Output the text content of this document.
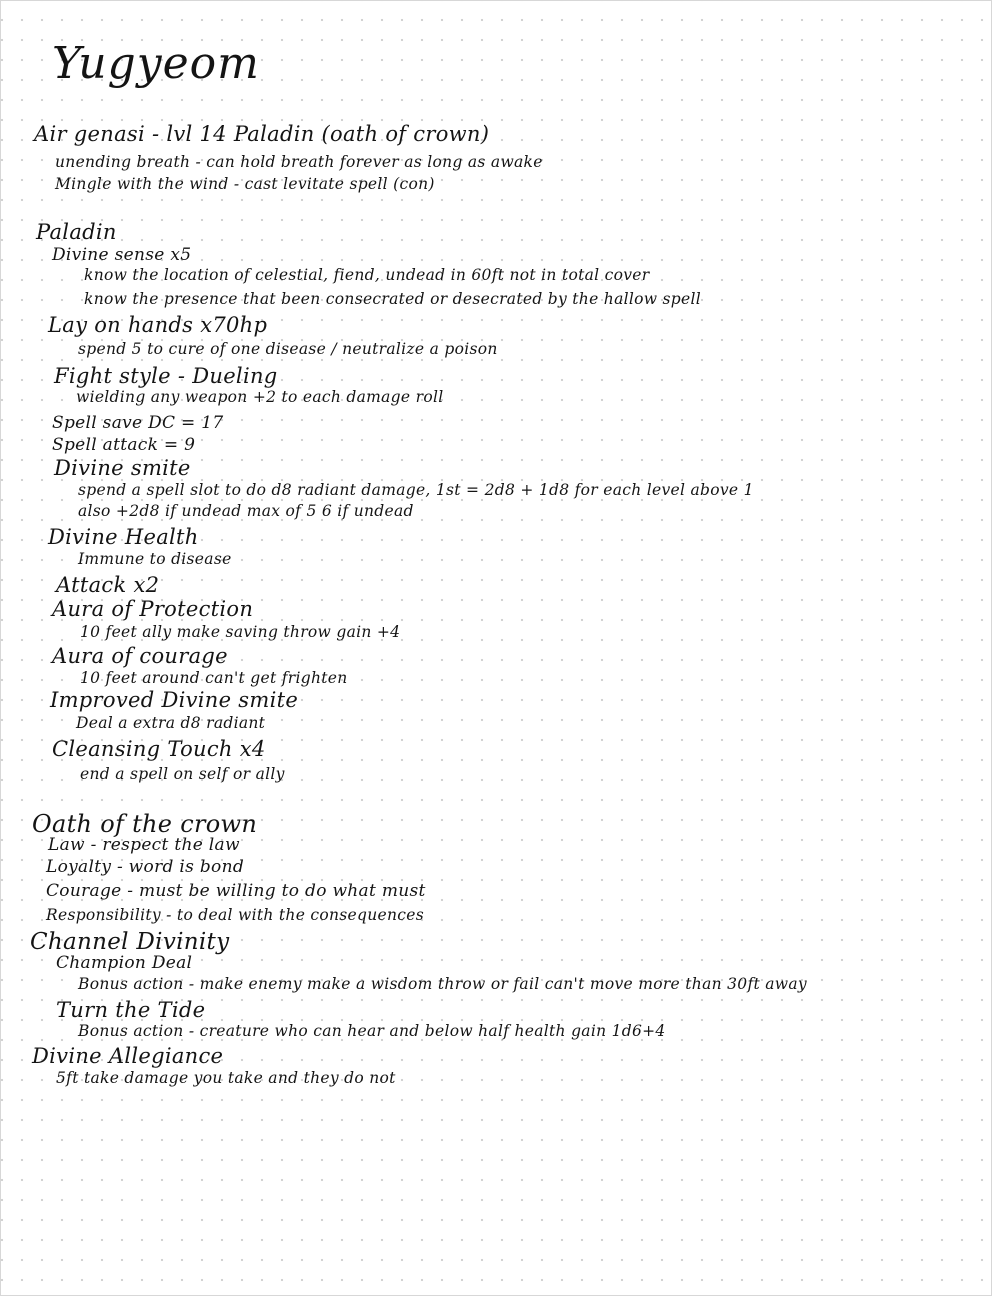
Yugyeom
Air genasi - lvl 14 Paladin (oath of crown)
unending breath - can hold breath forever as long as awake
Mingle with the wind - cast levitate spell (con)
Paladin
Divine sense x5
know the location of celestial, fiend, undead in 60ft not in total cover
know the presence that been consecrated or desecrated by the hallow spell
Lay on hands x70hp
spend 5 to cure of one disease / neutralize a poison
Fight style - Dueling
wielding any weapon +2 to each damage roll
Spell save DC = 17
Spell attack = 9
Divine smite
spend a spell slot to do d8 radiant damage, 1st = 2d8 + 1d8 for each level above 1
also +2d8 if undead max of 5 6 if undead
Divine Health
Immune to disease
Attack x2
Aura of Protection
10 feet ally make saving throw gain +4
Aura of courage
10 feet around can't get frighten
Improved Divine smite
Deal a extra d8 radiant
Cleansing Touch x4
end a spell on self or ally
Oath of the crown
Law - respect the law
Loyalty - word is bond
Courage - must be willing to do what must
Responsibility - to deal with the consequences
Channel Divinity
Champion Deal
Bonus action - make enemy make a wisdom throw or fail can't move more than 30ft away
Turn the Tide
Bonus action - creature who can hear and below half health gain 1d6+4
Divine Allegiance
5ft take damage you take and they do not
